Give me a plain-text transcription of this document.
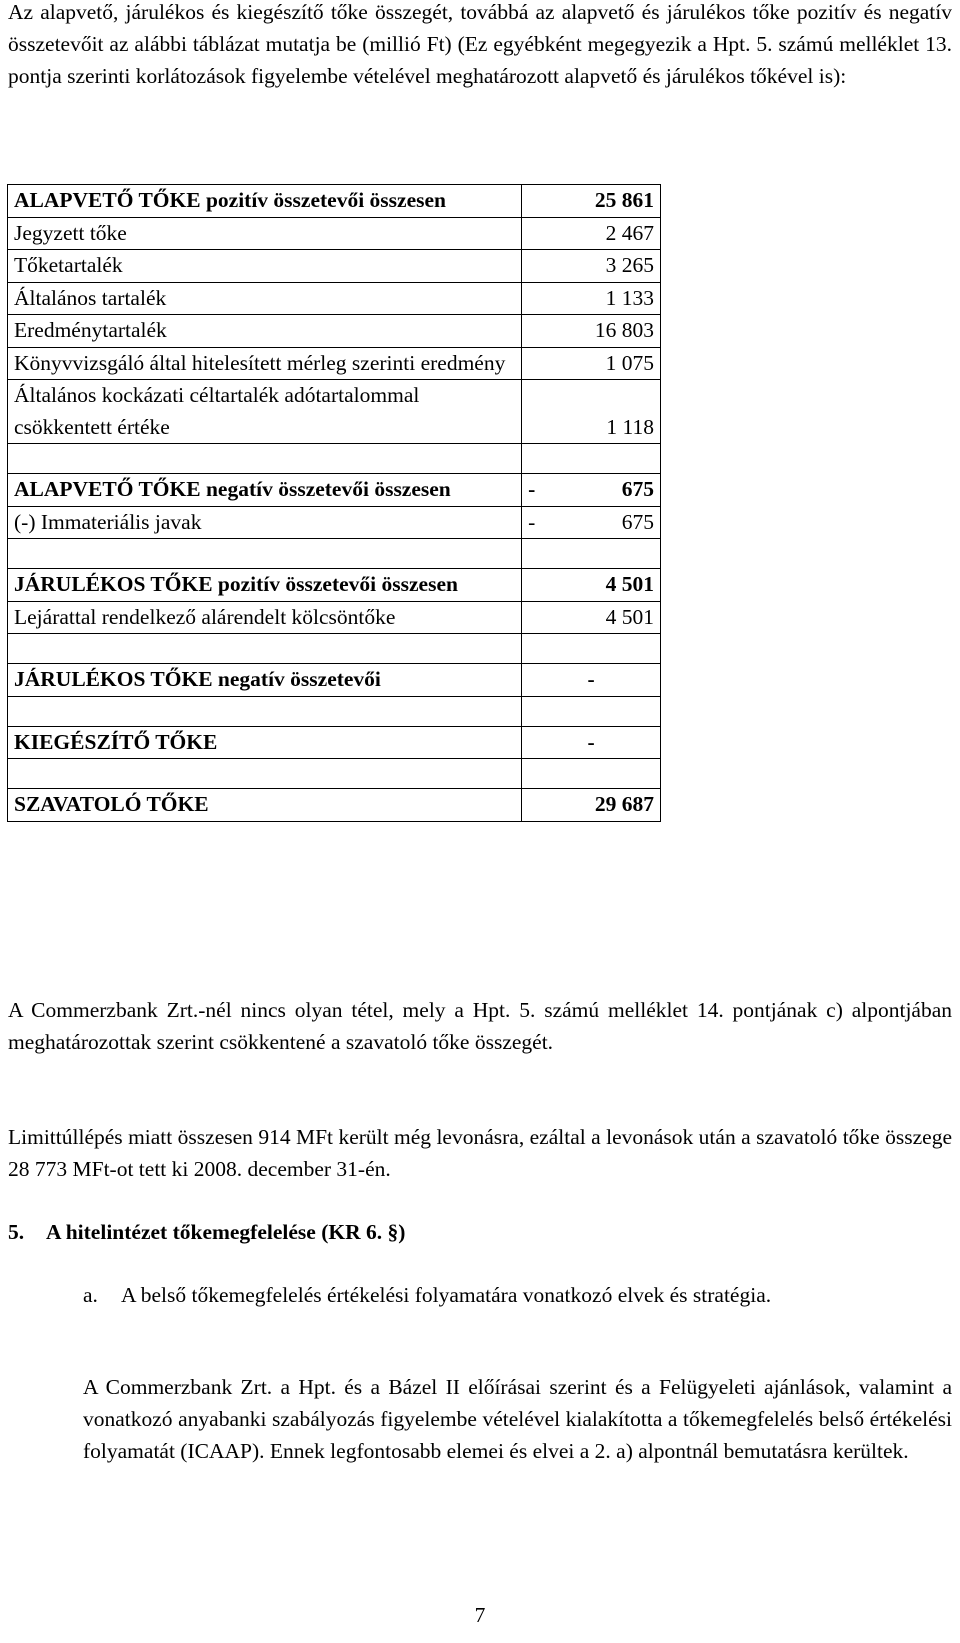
Az alapvető, járulékos és kiegészítő tőke összegét, továbbá az alapvető és járulékos tőke pozitív és negatív összetevőit az alábbi táblázat mutatja be (millió Ft) (Ez egyébként megegyezik a Hpt. 5. számú melléklet 13. pontja szerinti korlátozások figyelembe vételével meghatározott alapvető és járulékos tőkével is):

ALAPVETŐ TŐKE pozitív összetevői összesen	25 861
Jegyzett tőke	2 467
Tőketartalék	3 265
Általános tartalék	1 133
Eredménytartalék	16 803
Könyvvizsgáló által hitelesített mérleg szerinti eredmény	1 075
Általános kockázati céltartalék adótartalommal csökkentett értéke	1 118

ALAPVETŐ TŐKE negatív összetevői összesen	- 675

(-) Immateriális javak	- 675

JÁRULÉKOS TŐKE pozitív összetevői összesen	4 501
Lejárattal rendelkező alárendelt kölcsöntőke	4 501

JÁRULÉKOS TŐKE negatív összetevői	-

KIEGÉSZÍTŐ TŐKE	-

SZAVATOLÓ TŐKE	29 687

A Commerzbank Zrt.-nél nincs olyan tétel, mely a Hpt. 5. számú melléklet 14. pontjának c) alpontjában meghatározottak szerint csökkentené a szavatoló tőke összegét.

Limittúllépés miatt összesen 914 MFt került még levonásra, ezáltal a levonások után a szavatoló tőke összege 28 773 MFt-ot tett ki 2008. december 31-én.

5. A hitelintézet tőkemegfelelése (KR 6. §)

a.	A belső tőkemegfelelés értékelési folyamatára vonatkozó elvek és stratégia.

A Commerzbank Zrt. a Hpt. és a Bázel II előírásai szerint és a Felügyeleti ajánlások, valamint a vonatkozó anyabanki szabályozás figyelembe vételével kialakította a tőkemegfelelés belső értékelési folyamatát (ICAAP). Ennek legfontosabb elemei és elvei a 2. a) alpontnál bemutatásra kerültek.

7
